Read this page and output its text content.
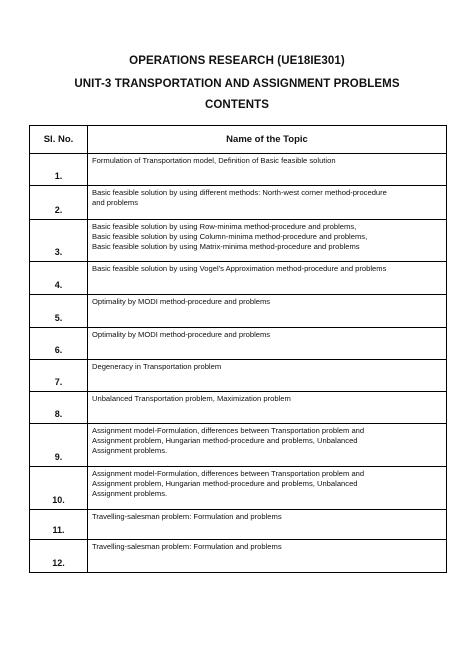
OPERATIONS RESEARCH (UE18IE301)
UNIT-3 TRANSPORTATION AND ASSIGNMENT PROBLEMS
CONTENTS
Sl. No.	Name of the Topic
1.	Formulation of Transportation model, Definition of Basic feasible solution
2.	Basic feasible solution by using different methods: North-west corner method-procedure
and problems
3.	Basic feasible solution by using Row-minima method-procedure and problems,
Basic feasible solution by using Column-minima method-procedure and problems,
Basic feasible solution by using Matrix-minima method-procedure and problems
4.	Basic feasible solution by using Vogel's Approximation method-procedure and problems
5.	Optimality by MODI method-procedure and problems
6.	Optimality by MODI method-procedure and problems
7.	Degeneracy in Transportation problem
8.	Unbalanced Transportation problem, Maximization problem
9.	Assignment model-Formulation, differences between Transportation problem and
Assignment problem, Hungarian method-procedure and problems, Unbalanced
Assignment problems.
10.	Assignment model-Formulation, differences between Transportation problem and
Assignment problem, Hungarian method-procedure and problems, Unbalanced
Assignment problems.
11.	Travelling-salesman problem: Formulation and problems
12.	Travelling-salesman problem: Formulation and problems
